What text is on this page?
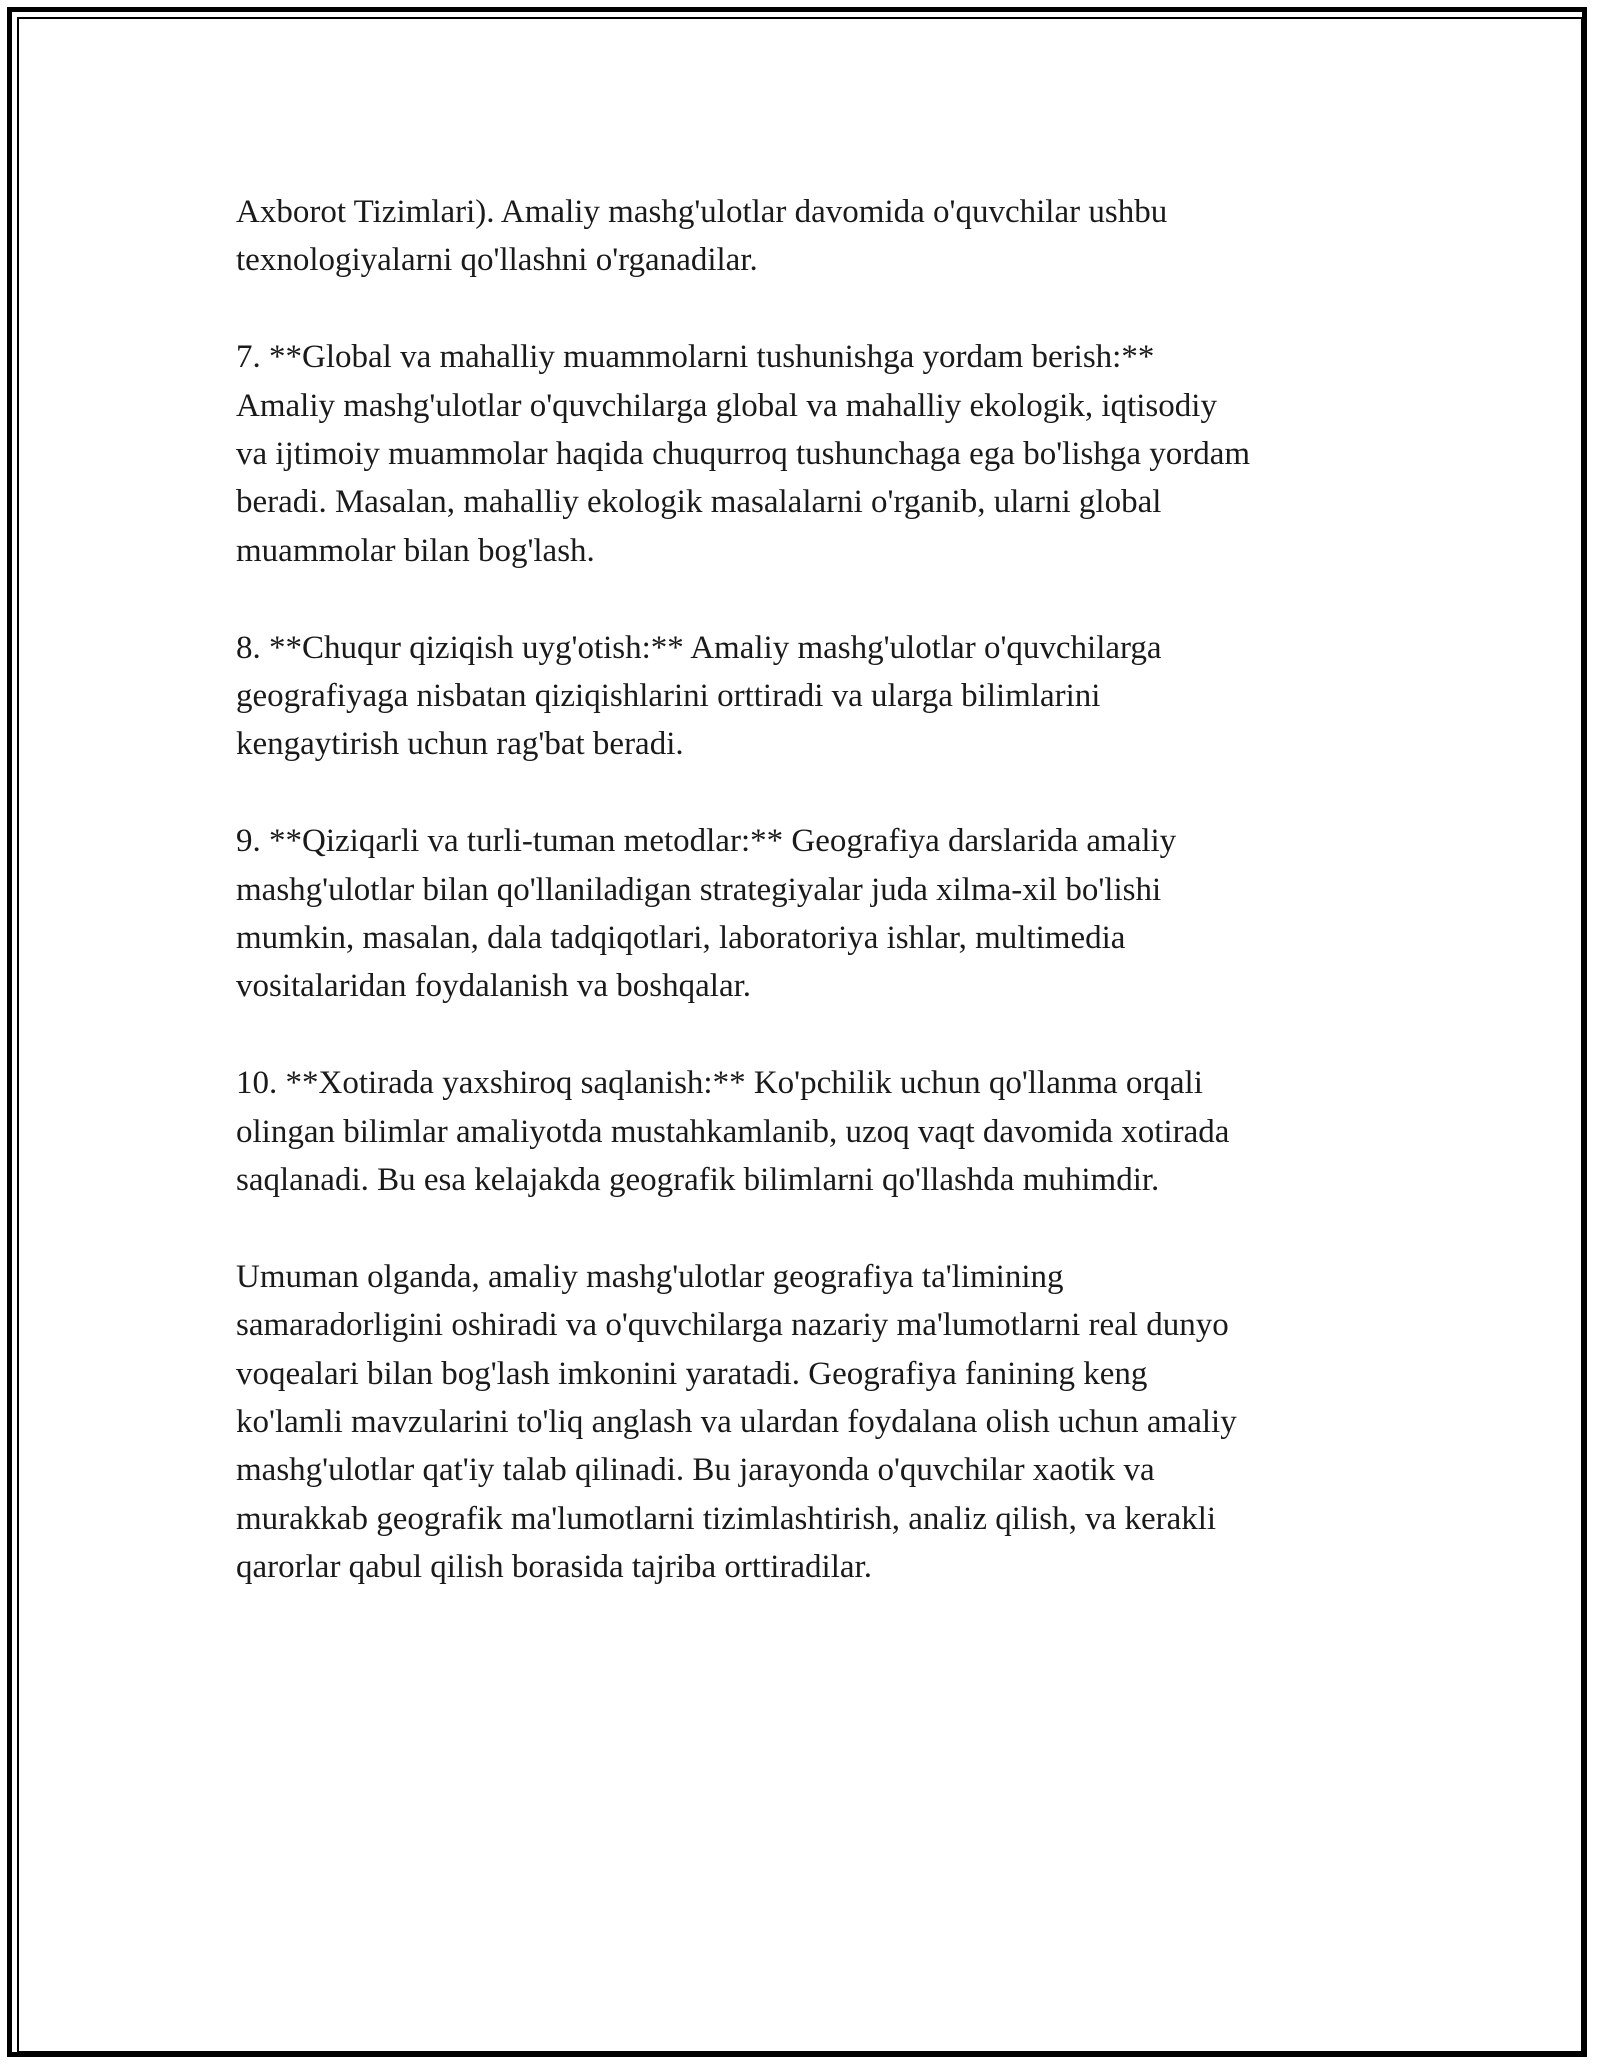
Axborot Tizimlari). Amaliy mashg'ulotlar davomida o'quvchilar ushbu
texnologiyalarni qo'llashni o'rganadilar.

7. **Global va mahalliy muammolarni tushunishga yordam berish:**
Amaliy mashg'ulotlar o'quvchilarga global va mahalliy ekologik, iqtisodiy
va ijtimoiy muammolar haqida chuqurroq tushunchaga ega bo'lishga yordam
beradi. Masalan, mahalliy ekologik masalalarni o'rganib, ularni global
muammolar bilan bog'lash.

8. **Chuqur qiziqish uyg'otish:** Amaliy mashg'ulotlar o'quvchilarga
geografiyaga nisbatan qiziqishlarini orttiradi va ularga bilimlarini
kengaytirish uchun rag'bat beradi.

9. **Qiziqarli va turli-tuman metodlar:** Geografiya darslarida amaliy
mashg'ulotlar bilan qo'llaniladigan strategiyalar juda xilma-xil bo'lishi
mumkin, masalan, dala tadqiqotlari, laboratoriya ishlar, multimedia
vositalaridan foydalanish va boshqalar.

10. **Xotirada yaxshiroq saqlanish:** Ko'pchilik uchun qo'llanma orqali
olingan bilimlar amaliyotda mustahkamlanib, uzoq vaqt davomida xotirada
saqlanadi. Bu esa kelajakda geografik bilimlarni qo'llashda muhimdir.

Umuman olganda, amaliy mashg'ulotlar geografiya ta'limining
samaradorligini oshiradi va o'quvchilarga nazariy ma'lumotlarni real dunyo
voqealari bilan bog'lash imkonini yaratadi. Geografiya fanining keng
ko'lamli mavzularini to'liq anglash va ulardan foydalana olish uchun amaliy
mashg'ulotlar qat'iy talab qilinadi. Bu jarayonda o'quvchilar xaotik va
murakkab geografik ma'lumotlarni tizimlashtirish, analiz qilish, va kerakli
qarorlar qabul qilish borasida tajriba orttiradilar.
